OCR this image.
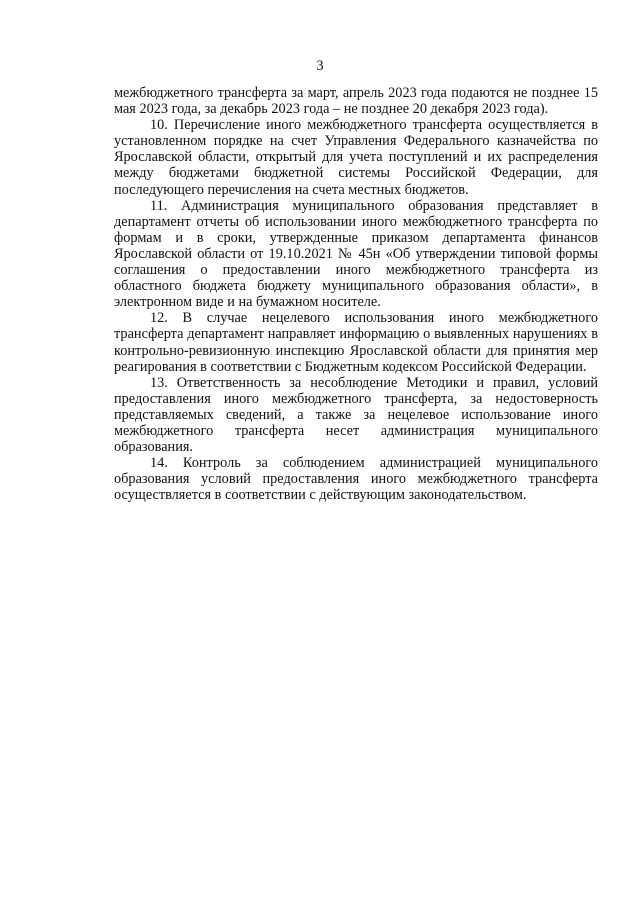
3

межбюджетного трансферта за март, апрель 2023 года подаются не позднее 15 мая 2023 года, за декабрь 2023 года – не позднее 20 декабря 2023 года).

10. Перечисление иного межбюджетного трансферта осуществляется в установленном порядке на счет Управления Федерального казначейства по Ярославской области, открытый для учета поступлений и их распределения между бюджетами бюджетной системы Российской Федерации, для последующего перечисления на счета местных бюджетов.

11. Администрация муниципального образования представляет в департамент отчеты об использовании иного межбюджетного трансферта по формам и в сроки, утвержденные приказом департамента финансов Ярославской области от 19.10.2021 № 45н «Об утверждении типовой формы соглашения о предоставлении иного межбюджетного трансферта из областного бюджета бюджету муниципального образования области», в электронном виде и на бумажном носителе.

12. В случае нецелевого использования иного межбюджетного трансферта департамент направляет информацию о выявленных нарушениях в контрольно-ревизионную инспекцию Ярославской области для принятия мер реагирования в соответствии с Бюджетным кодексом Российской Федерации.

13. Ответственность за несоблюдение Методики и правил, условий предоставления иного межбюджетного трансферта, за недостоверность представляемых сведений, а также за нецелевое использование иного межбюджетного трансферта несет администрация муниципального образования.

14. Контроль за соблюдением администрацией муниципального образования условий предоставления иного межбюджетного трансферта осуществляется в соответствии с действующим законодательством.
